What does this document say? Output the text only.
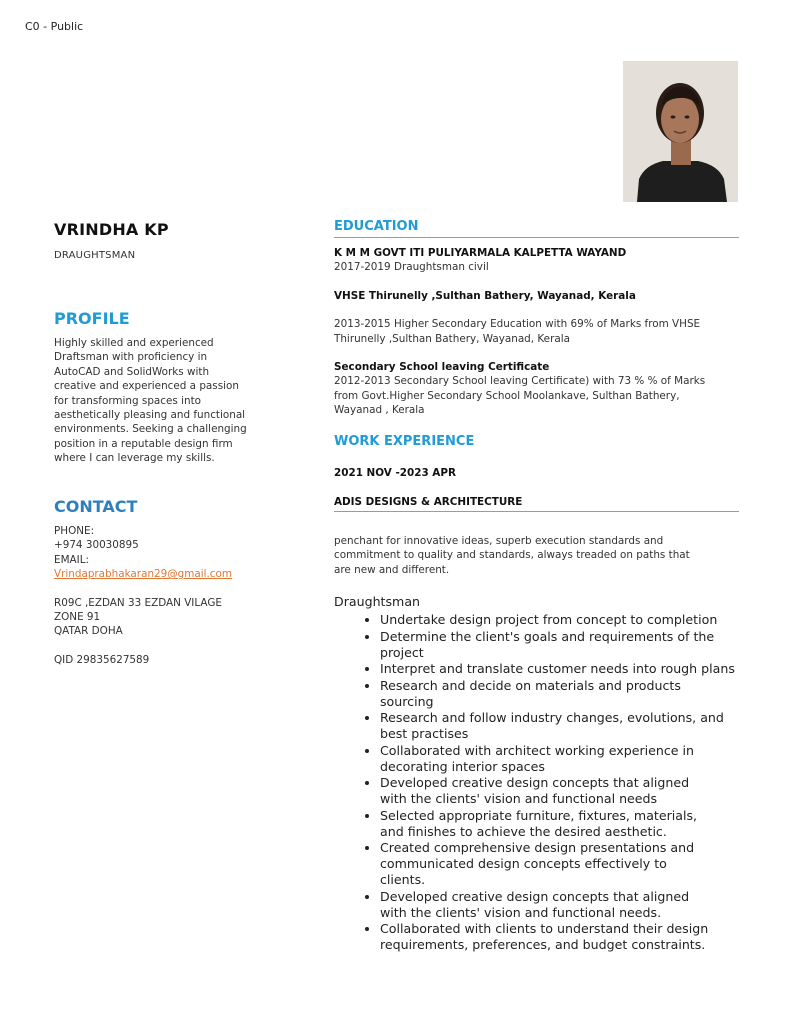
C0 - Public
VRINDHA KP
DRAUGHTSMAN
PROFILE
Highly skilled and experienced
Draftsman with proficiency in
AutoCAD and SolidWorks with
creative and experienced a passion
for transforming spaces into
aesthetically pleasing and functional
environments. Seeking a challenging
position in a reputable design firm
where I can leverage my skills.
CONTACT
PHONE:
+974 30030895
EMAIL:
Vrindaprabhakaran29@gmail.com
R09C ,EZDAN 33 EZDAN VILAGE
ZONE 91
QATAR DOHA
QID 29835627589
EDUCATION
K M M GOVT ITI PULIYARMALA KALPETTA WAYAND
2017-2019 Draughtsman civil
VHSE Thirunelly ,Sulthan Bathery, Wayanad, Kerala
2013-2015 Higher Secondary Education with 69% of Marks from VHSE
Thirunelly ,Sulthan Bathery, Wayanad, Kerala
Secondary School leaving Certificate
2012-2013 Secondary School leaving Certificate) with 73 % % of Marks
from Govt.Higher Secondary School Moolankave, Sulthan Bathery,
Wayanad , Kerala
WORK EXPERIENCE
2021 NOV -2023 APR
ADIS DESIGNS & ARCHITECTURE
penchant for innovative ideas, superb execution standards and
commitment to quality and standards, always treaded on paths that
are new and different.
Draughtsman
• Undertake design project from concept to completion
• Determine the client's goals and requirements of the
project
• Interpret and translate customer needs into rough plans
• Research and decide on materials and products
sourcing
• Research and follow industry changes, evolutions, and
best practises
• Collaborated with architect working experience in
decorating interior spaces
• Developed creative design concepts that aligned
with the clients' vision and functional needs
• Selected appropriate furniture, fixtures, materials,
and finishes to achieve the desired aesthetic.
• Created comprehensive design presentations and
communicated design concepts effectively to
clients.
• Developed creative design concepts that aligned
with the clients' vision and functional needs.
• Collaborated with clients to understand their design
requirements, preferences, and budget constraints.
